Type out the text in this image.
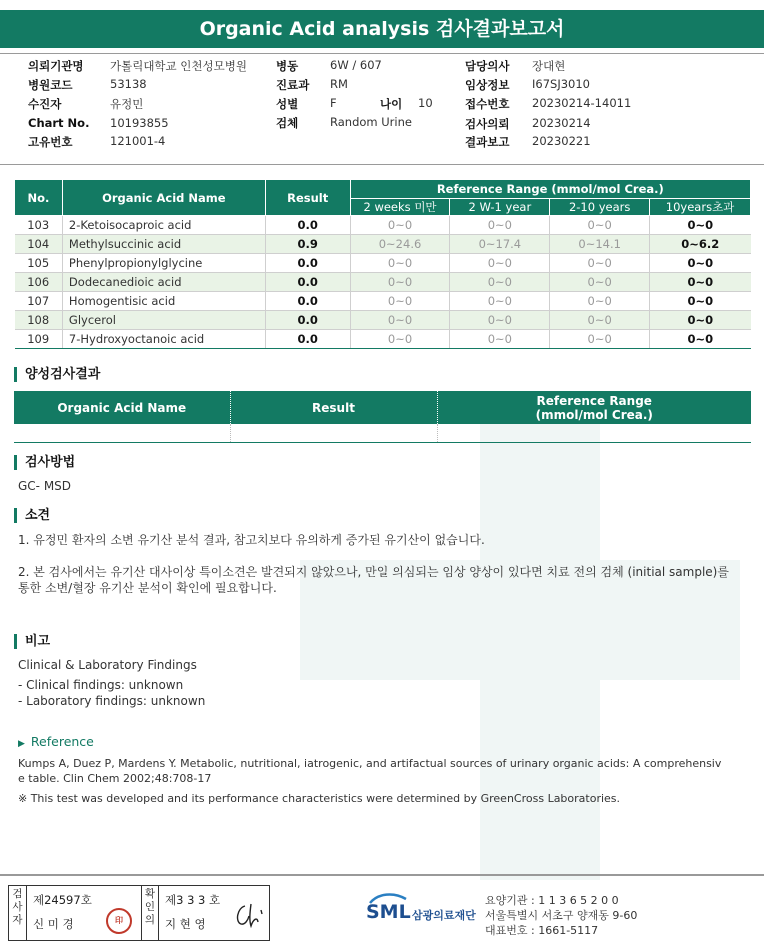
Organic Acid analysis 검사결과보고서
의뢰기관명 가톨릭대학교 인천성모병원
병원코드	53138
수진자	유정민
Chart No. 10193855
고유번호	121001-4
병동	6W / 607
진료과 RM
성별	F	나이 10
검체	Random Urine
담당의사 장대현
임상정보 I67SJ3010
접수번호 20230214-14011
검사의뢰 20230214
결과보고 20230221
No.	Organic Acid Name	Result	Reference Range (mmol/mol Crea.)			
			2 weeks 미만	2 W-1 year	2-10 years	10years초과
103	2-Ketoisocaproic acid	0.0	0~0	0~0	0~0	0~0
104	Methylsuccinic acid	0.9	0~24.6	0~17.4	0~14.1	0~6.2
105	Phenylpropionylglycine	0.0	0~0	0~0	0~0	0~0
106	Dodecanedioic acid	0.0	0~0	0~0	0~0	0~0
107	Homogentisic acid	0.0	0~0	0~0	0~0	0~0
108	Glycerol	0.0	0~0	0~0	0~0	0~0
109	7-Hydroxyoctanoic acid	0.0	0~0	0~0	0~0	0~0
양성검사결과
Organic Acid Name	Result	Reference Range
(mmol/mol Crea.)

검사방법
GC- MSD
소견
1. 유정민 환자의 소변 유기산 분석 결과, 참고치보다 유의하게 증가된 유기산이 없습니다.
2. 본 검사에서는 유기산 대사이상 특이소견은 발견되지 않았으나, 만일 의심되는 임상 양상이 있다면 치료 전의 검체 (initial sample)를
통한 소변/혈장 유기산 분석이 확인에 필요합니다.
비고
Clinical & Laboratory Findings
- Clinical findings: unknown
- Laboratory findings: unknown
▶ Reference
Kumps A, Duez P, Mardens Y. Metabolic, nutritional, iatrogenic, and artifactual sources of urinary organic acids: A comprehensiv
e table. Clin Chem 2002;48:708-17
※ This test was developed and its performance characteristics were determined by GreenCross Laboratories.
검사자
제24597호
신 미 경	印
확인의
제3 3 3 호
지 현 영
SML 삼광의료재단
요양기관 : 1 1 3 6 5 2 0 0
서울특별시 서초구 양재동 9-60
대표번호 : 1661-5117
